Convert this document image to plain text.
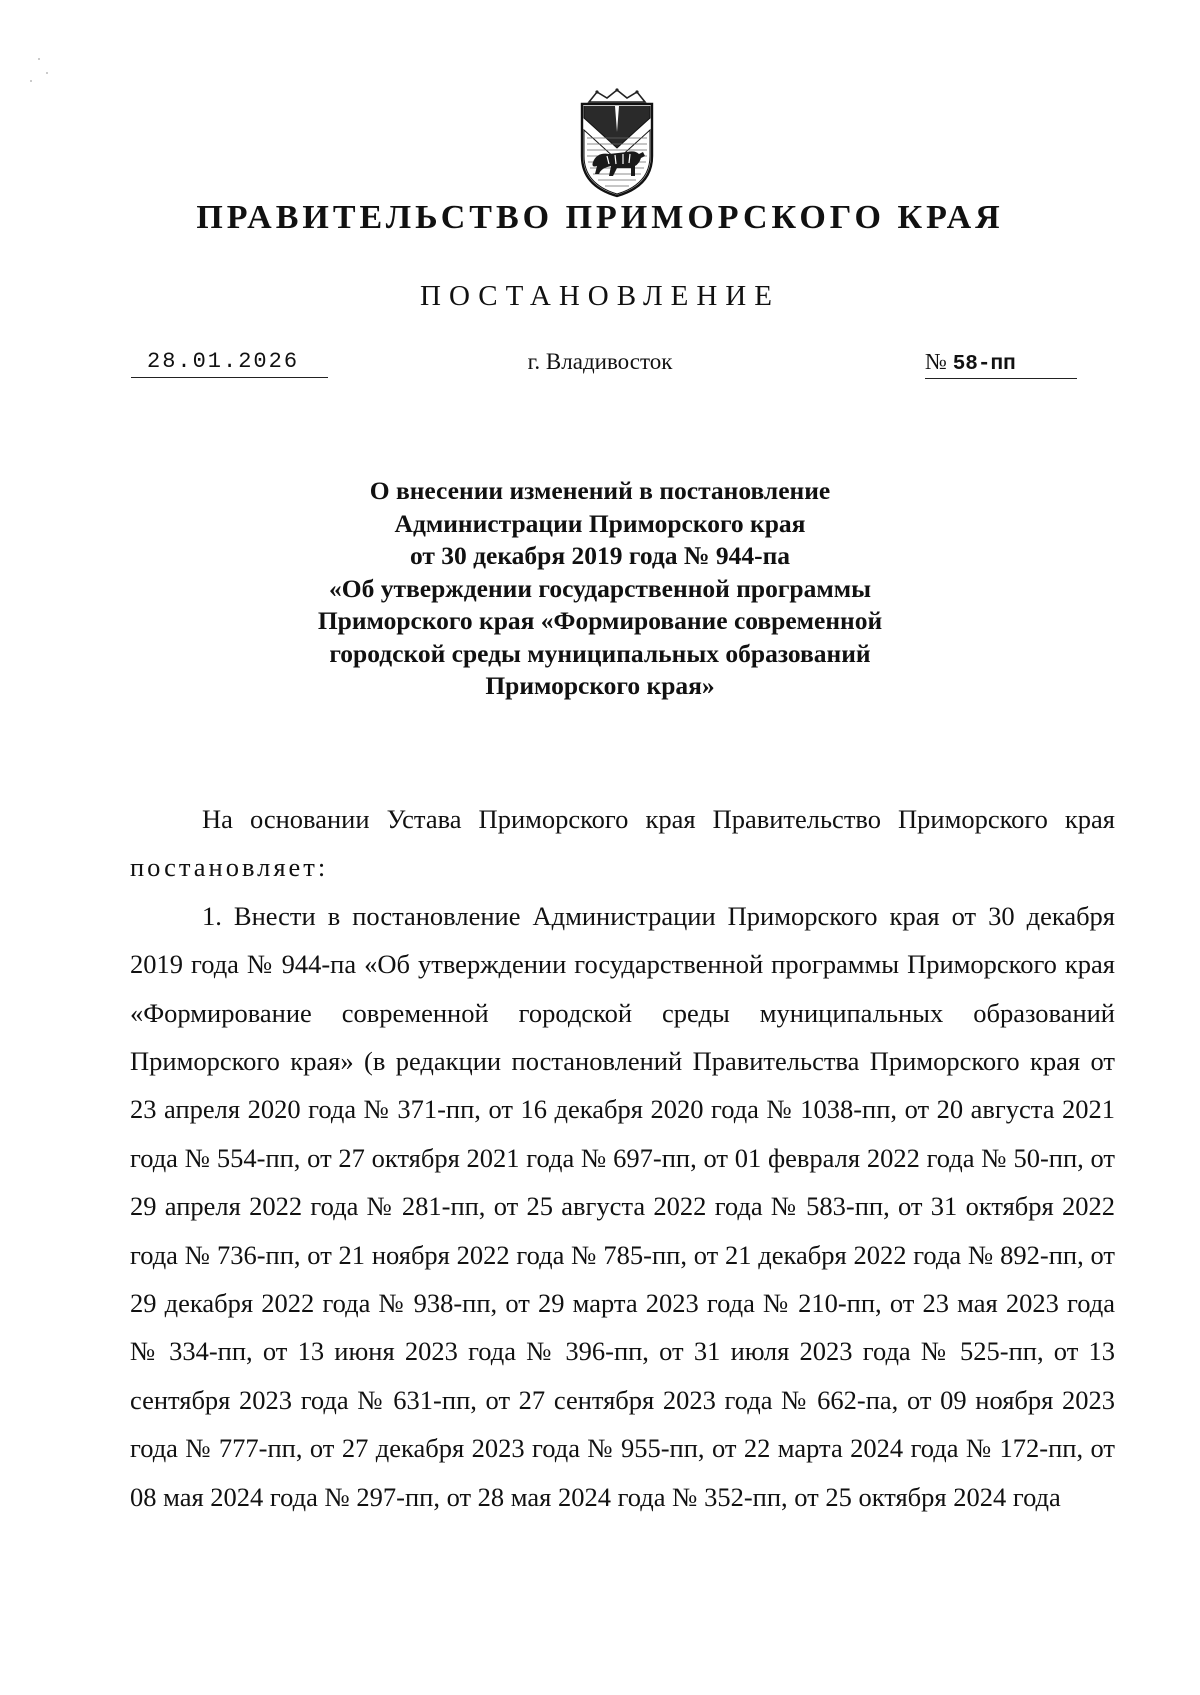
ПРАВИТЕЛЬСТВО ПРИМОРСКОГО КРАЯ
ПОСТАНОВЛЕНИЕ
28.01.2026	г. Владивосток	№ 58-пп
О внесении изменений в постановление
Администрации Приморского края
от 30 декабря 2019 года № 944-па
«Об утверждении государственной программы
Приморского края «Формирование современной
городской среды муниципальных образований
Приморского края»

На основании Устава Приморского края Правительство Приморского края постановляет:

1. Внести в постановление Администрации Приморского края от 30 декабря 2019 года № 944-па «Об утверждении государственной программы Приморского края «Формирование современной городской среды муниципальных образований Приморского края» (в редакции постановлений Правительства Приморского края от 23 апреля 2020 года № 371-пп, от 16 декабря 2020 года № 1038-пп, от 20 августа 2021 года № 554-пп, от 27 октября 2021 года № 697-пп, от 01 февраля 2022 года № 50-пп, от 29 апреля 2022 года № 281-пп, от 25 августа 2022 года № 583-пп, от 31 октября 2022 года № 736-пп, от 21 ноября 2022 года № 785-пп, от 21 декабря 2022 года № 892-пп, от 29 декабря 2022 года № 938-пп, от 29 марта 2023 года № 210-пп, от 23 мая 2023 года № 334-пп, от 13 июня 2023 года № 396-пп, от 31 июля 2023 года № 525-пп, от 13 сентября 2023 года № 631-пп, от 27 сентября 2023 года № 662-па, от 09 ноября 2023 года № 777-пп, от 27 декабря 2023 года № 955-пп, от 22 марта 2024 года № 172-пп, от 08 мая 2024 года № 297-пп, от 28 мая 2024 года № 352-пп, от 25 октября 2024 года
